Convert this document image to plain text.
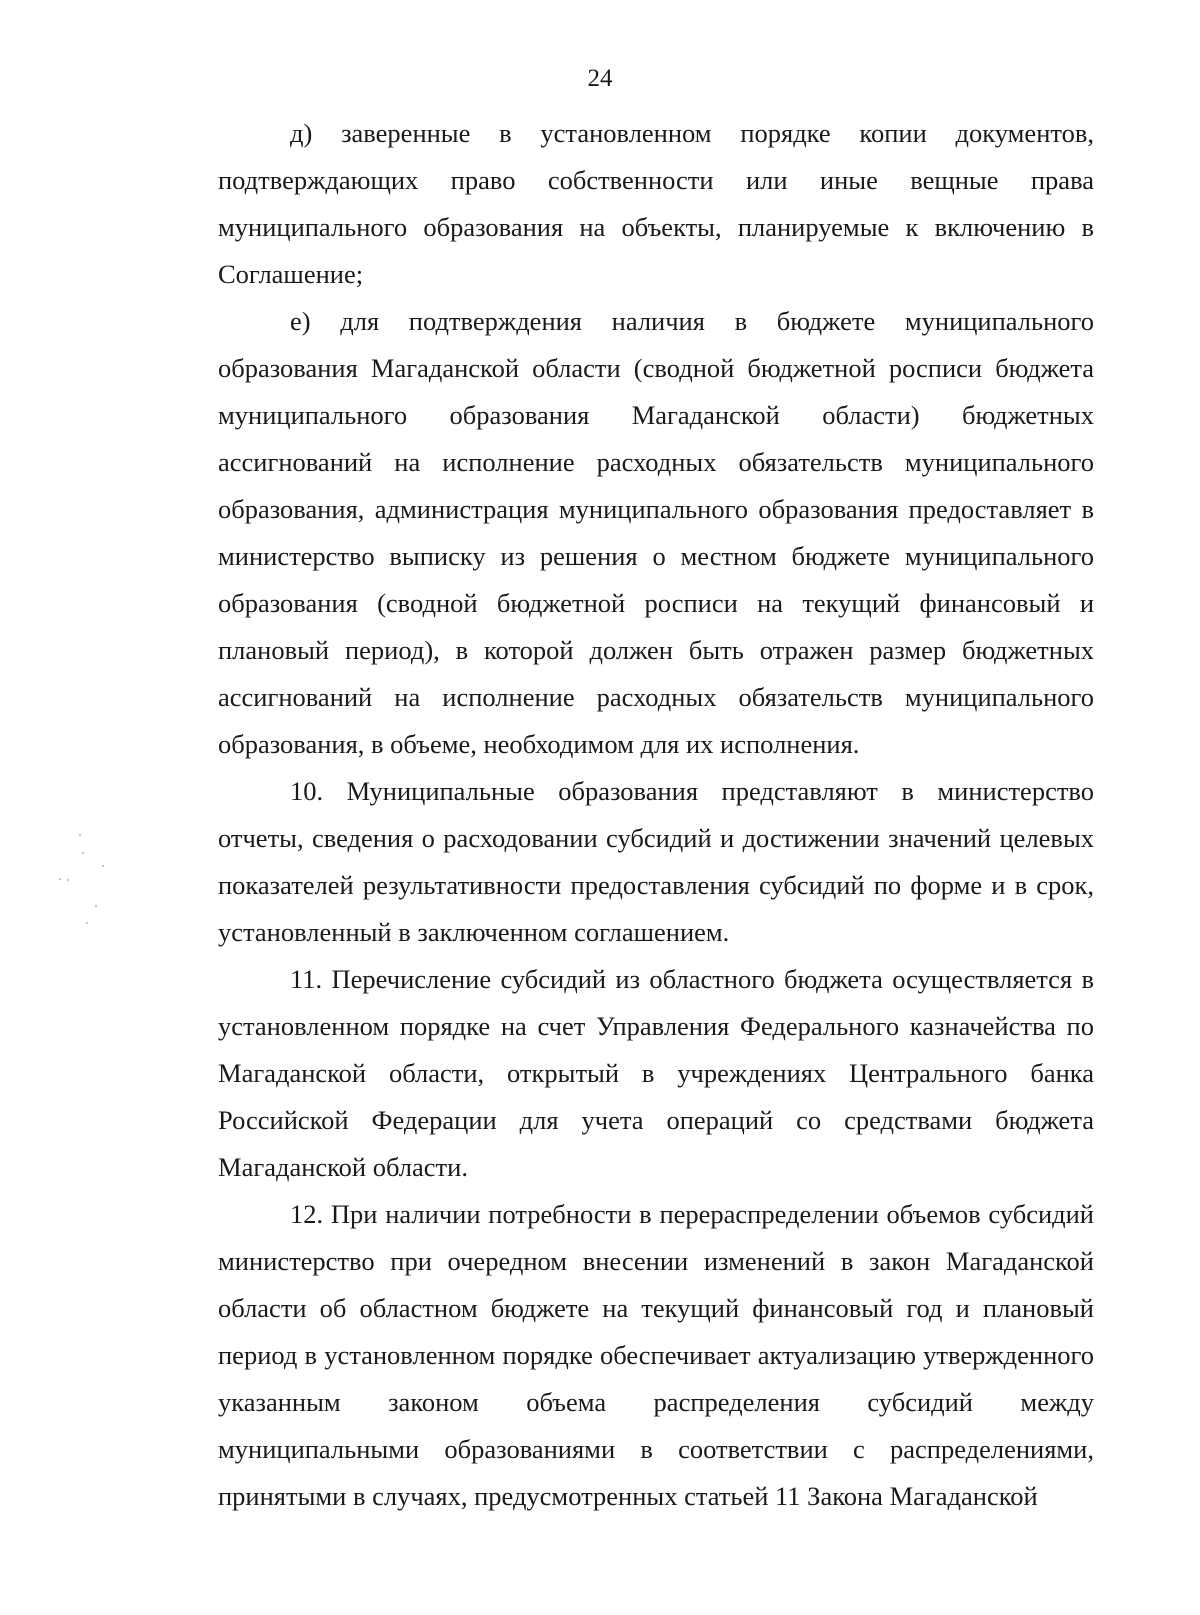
24

д) заверенные в установленном порядке копии документов, подтверждающих право собственности или иные вещные права муниципального образования на объекты, планируемые к включению в Соглашение;

е) для подтверждения наличия в бюджете муниципального образования Магаданской области (сводной бюджетной росписи бюджета муниципального образования Магаданской области) бюджетных ассигнований на исполнение расходных обязательств муниципального образования, администрация муниципального образования предоставляет в министерство выписку из решения о местном бюджете муниципального образования (сводной бюджетной росписи на текущий финансовый и плановый период), в которой должен быть отражен размер бюджетных ассигнований на исполнение расходных обязательств муниципального образования, в объеме, необходимом для их исполнения.

10. Муниципальные образования представляют в министерство отчеты, сведения о расходовании субсидий и достижении значений целевых показателей результативности предоставления субсидий по форме и в срок, установленный в заключенном соглашением.

11. Перечисление субсидий из областного бюджета осуществляется в установленном порядке на счет Управления Федерального казначейства по Магаданской области, открытый в учреждениях Центрального банка Российской Федерации для учета операций со средствами бюджета Магаданской области.

12. При наличии потребности в перераспределении объемов субсидий министерство при очередном внесении изменений в закон Магаданской области об областном бюджете на текущий финансовый год и плановый период в установленном порядке обеспечивает актуализацию утвержденного указанным законом объема распределения субсидий между муниципальными образованиями в соответствии с распределениями, принятыми в случаях, предусмотренных статьей 11 Закона Магаданской
